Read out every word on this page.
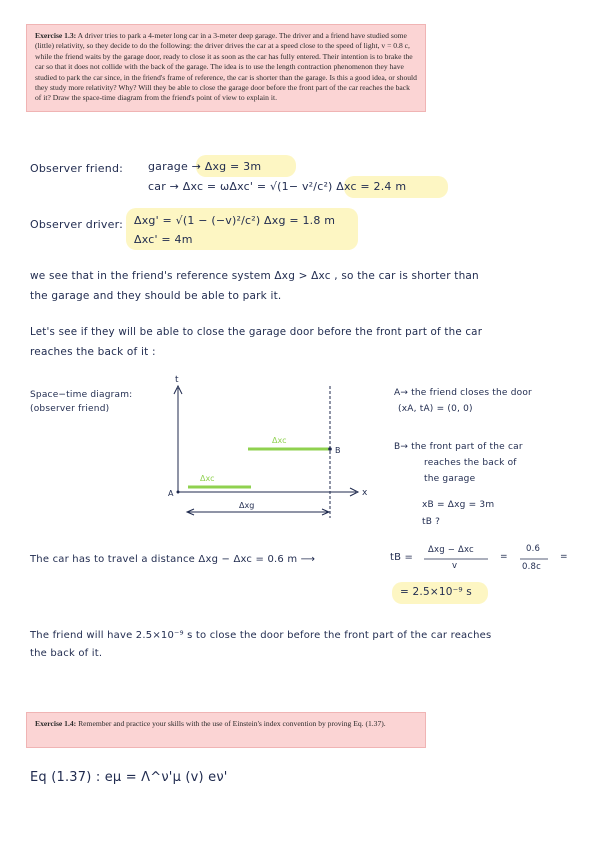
Exercise 1.3: A driver tries to park a 4-meter long car in a 3-meter deep garage. The driver and a friend have studied some (little) relativity, so they decide to do the following: the driver drives the car at a speed close to the speed of light, v = 0.8 c, while the friend waits by the garage door, ready to close it as soon as the car has fully entered. Their intention is to brake the car so that it does not collide with the back of the garage. The idea is to use the length contraction phenomenon they have studied to park the car since, in the friend's frame of reference, the car is shorter than the garage. Is this a good idea, or should they study more relativity? Why? Will they be able to close the garage door before the front part of the car reaches the back of it? Draw the space-time diagram from the friend's point of view to explain it.
Observer friend: garage → Δxg = 3m
car → Δxc = ωΔxc' = √(1− v²/c²) Δxc = 2.4 m
Observer driver: Δxg' = √(1 − (−v)²/c²) Δxg = 1.8 m
Δxc' = 4m
we see that in the friend's reference system Δxg > Δxc , so the car is shorter than
the garage and they should be able to park it.
Let's see if they will be able to close the garage door before the front part of the car
reaches the back of it :
Space−time diagram:
(observer friend)
t
x
Δxc
Δxc
A
B
Δxg
A→ the friend closes the door
(xA, tA) = (0, 0)
B→ the front part of the car
reaches the back of
the garage
xB = Δxg = 3m
tB ?
The car has to travel a distance Δxg − Δxc = 0.6 m ⟶	tB =
Δxg − Δxc
v
=
0.6
0.8c
=
= 2.5×10⁻⁹ s
The friend will have 2.5×10⁻⁹ s to close the door before the front part of the car reaches
the back of it.
Exercise 1.4: Remember and practice your skills with the use of Einstein's index convention by proving Eq. (1.37).
Eq (1.37) : eμ = Λ^ν'μ (v) eν'
